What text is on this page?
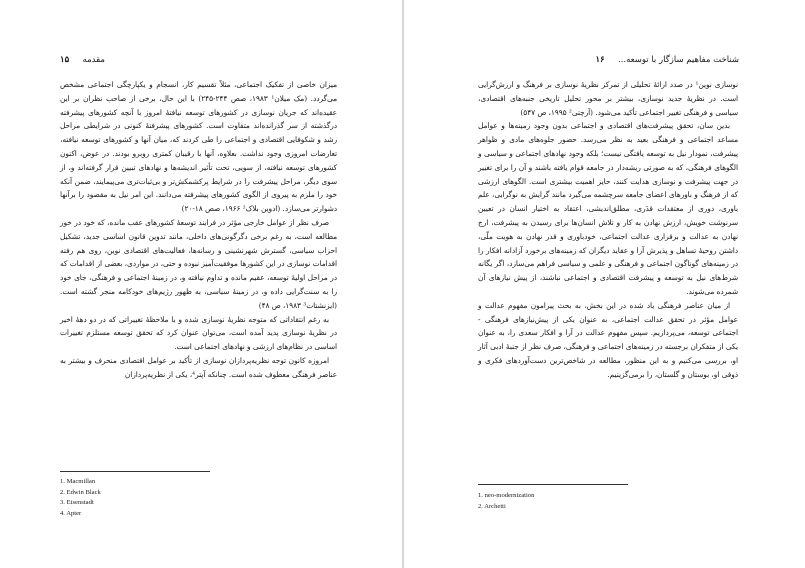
۱۵ مقدمه

میزان خاصی از تفکیک اجتماعی، مثلاً تقسیم کار، انسجام و یکپارچگی اجتماعی مشخص می‌گردد. (مک میلان¹ ۱۹۸۳، صص ۲۴۴-۲۴۵) با این حال، برخی از صاحب نظران بر این عقیده‌اند که جریان نوسازی در کشورهای توسعه نیافتهٔ امروز با آنچه کشورهای پیشرفته درگذشته از سر گذرانده‌اند متفاوت است. کشورهای پیشرفتهٔ کنونی در شرایطی مراحل رشد و شکوفایی اقتصادی و اجتماعی را طی کردند که، میان آنها و کشورهای توسعه نیافته، تعارضات امروزی وجود نداشت. بعلاوه، آنها با رقیبان کمتری روبرو بودند. در عوض، اکنون کشورهای توسعه نیافته، از سویی، تحت تأثیر اندیشه‌ها و نهادهای تبیین قرار گرفته‌اند و، از سوی دیگر، مراحل پیشرفت را در شرایط پرکشمکش‌تر و بی‌ثبات‌تری می‌پیمایند، ضمن آنکه خود را ملزم به پیروی از الگوی کشورهای پیشرفته می‌دانند. این امر نیل به مقصود را برآنها دشوارتر می‌سازد. (ادوین بلاک² ۱۹۶۶، صص ۱۸-۲۰)

صرف نظر از عوامل خارجی مؤثر در فرایند توسعهٔ کشورهای عقب مانده، که خود در خور مطالعه است، به رغم برخی دگرگونی‌های داخلی، مانند تدوین قانون اساسی جدید، تشکیل احزاب سیاسی، گسترش شهرنشینی و رسانه‌ها، فعالیت‌های اقتصادی نوین، روی هم رفته اقدامات نوسازی در این کشورها موفقیت‌آمیز نبوده و حتی، در مواردی، بعضی از اقدامات که در مراحل اولیهٔ توسعه، عقیم مانده و تداوم نیافته و، در زمینهٔ اجتماعی و فرهنگی، جای خود را به سنت‌گرایی داده و، در زمینهٔ سیاسی، به ظهور رژیم‌های خودکامه منجر گشته است. (ایزنشتات³ ۱۹۸۳، ص ۴۸)

به رغم انتقاداتی که متوجه نظریهٔ نوسازی شده و با ملاحظهٔ تغییراتی که در دو دههٔ اخیر در نظریهٔ نوسازی پدید آمده است، می‌توان عنوان کرد که تحقق توسعه مستلزم تغییرات اساسی در نظام‌های ارزشی و نهادهای اجتماعی است.

امروزه کانون توجه نظریه‌پردازان نوسازی از تأکید بر عوامل اقتصادی منحرف و بیشتر به عناصر فرهنگی معطوف شده است. چنانکه آپتر⁴، یکی از نظریه‌پردازان

1. Macmillan
2. Edwin Black
3. Eisenstadt
4. Apter
شناخت مفاهیم سازگار با توسعه...  ۱۶

نوسازی نوین¹ در صدد ارائهٔ تحلیلی از تمرکز نظریهٔ نوسازی بر فرهنگ و ارزش‌گرایی است. در نظریهٔ جدید نوسازی، بیشتر بر محور تحلیل تاریخی جنبه‌های اقتصادی، سیاسی و فرهنگی تغییر اجتماعی تأکید می‌شود. (آرچتی² ۱۹۹۵، ص ۵۴۷)

بدین سان، تحقق پیشرفت‌های اقتصادی و اجتماعی بدون وجود زمینه‌ها و عوامل مساعد اجتماعی و فرهنگی بعید به نظر می‌رسد. حضور جلوه‌های مادی و ظواهر پیشرفت، نمودار نیل به توسعه یافتگی نیست؛ بلکه وجود نهادهای اجتماعی و سیاسی و الگوهای فرهنگی، که به صورتی ریشه‌دار در جامعه قوام یافته باشند و آن را برای تغییر در جهت پیشرفت و نوسازی هدایت کنند، حایز اهمیت بیشتری است. الگوهای ارزشی که از فرهنگ و باورهای اعضای جامعه سرچشمه می‌گیرد مانند گرایش به نوگرایی، علم باوری، دوری از معتقدات قدَری، مطلق‌اندیشی، اعتقاد به اختیار انسان در تعیین سرنوشت خویش، ارزش نهادن به کار و تلاش انسان‌ها برای رسیدن به پیشرفت، ارج نهادن به عدالت و برقراری عدالت اجتماعی، خودباوری و قدر نهادن به هویت ملّی، داشتن روحیهٔ تساهل و پذیرش آرا و عقاید دیگران که زمینه‌های برخورد آزادانه افکار را در زمینه‌های گوناگون اجتماعی و فرهنگی و علمی و سیاسی فراهم می‌سازد، اگر یگانه شرط‌های نیل به توسعه و پیشرفت اقتصادی و اجتماعی نباشند، از پیش نیازهای آن شمرده می‌شوند.

از میان عناصر فرهنگی یاد شده در این بخش، به بحث پیرامون مفهوم عدالت و عوامل مؤثر در تحقق عدالت اجتماعی، به عنوان یکی از پیش‌نیازهای فرهنگی - اجتماعی توسعه، می‌پردازیم. سپس مفهوم عدالت در آرا و افکار سعدی را، به عنوان یکی از متفکران برجسته در زمینه‌های اجتماعی و فرهنگی، صرف نظر از جنبهٔ ادبی آثار او، بررسی می‌کنیم و به این منظور، مطالعه در شاخص‌ترین دست‌آوردهای فکری و ذوقی او، بوستان و گلستان، را برمی‌گزینیم.

1. neo-modernization
2. Archetti
